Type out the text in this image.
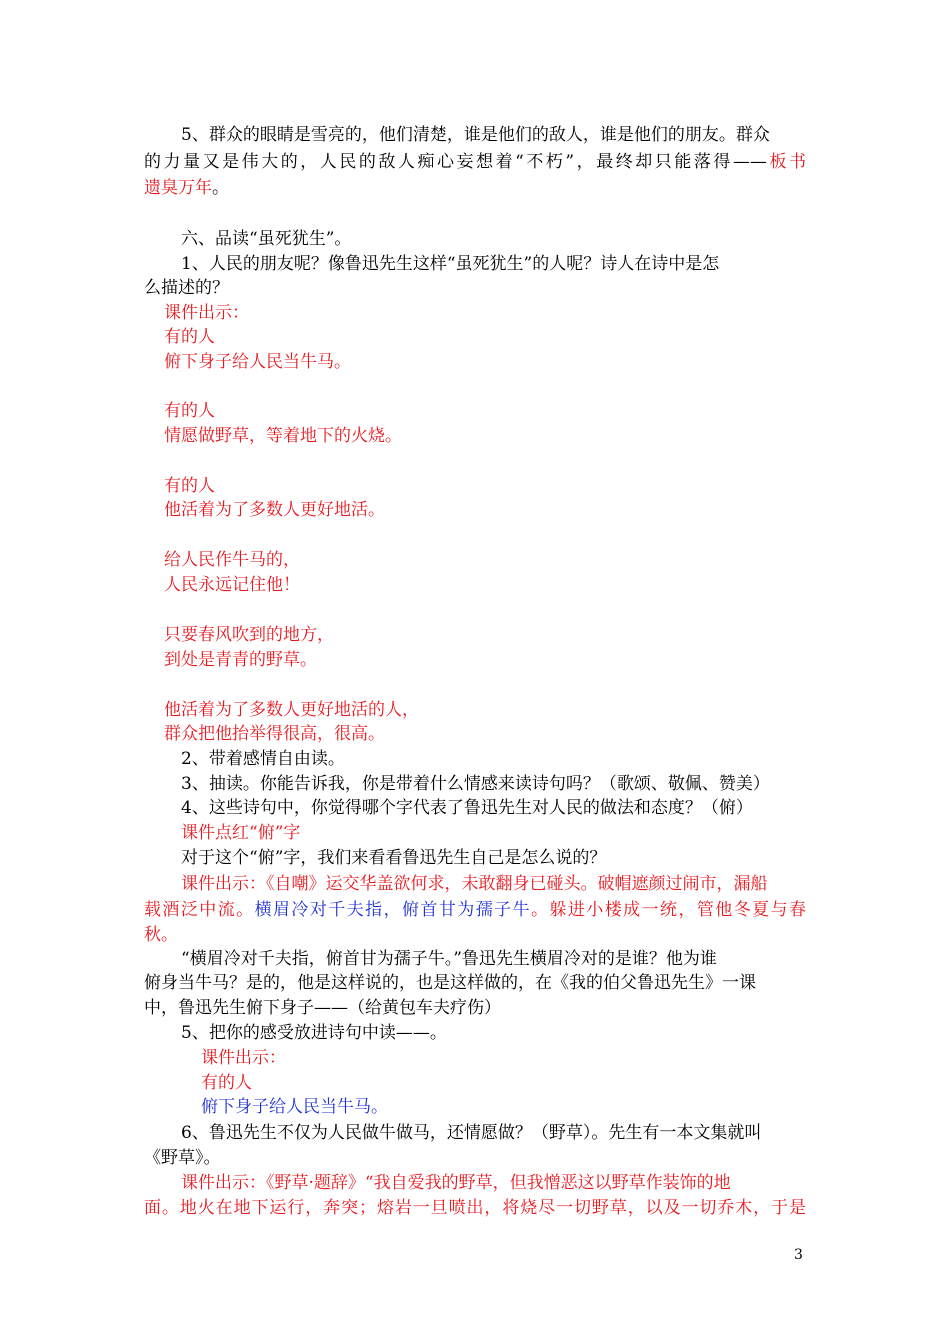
5、群众的眼睛是雪亮的，他们清楚，谁是他们的敌人，谁是他们的朋友。群众
的力量又是伟大的，人民的敌人痴心妄想着“不朽”，最终却只能落得——板书
遗臭万年。
六、品读“虽死犹生”。
1、人民的朋友呢？像鲁迅先生这样“虽死犹生”的人呢？诗人在诗中是怎
么描述的？
课件出示：
有的人
俯下身子给人民当牛马。
有的人
情愿做野草，等着地下的火烧。
有的人
他活着为了多数人更好地活。
给人民作牛马的，
人民永远记住他！
只要春风吹到的地方，
到处是青青的野草。
他活着为了多数人更好地活的人，
群众把他抬举得很高，很高。
2、带着感情自由读。
3、抽读。你能告诉我，你是带着什么情感来读诗句吗？（歌颂、敬佩、赞美）
4、这些诗句中，你觉得哪个字代表了鲁迅先生对人民的做法和态度？（俯）
课件点红“俯”字
对于这个“俯”字，我们来看看鲁迅先生自己是怎么说的？
课件出示：《自嘲》运交华盖欲何求，未敢翻身已碰头。破帽遮颜过闹市，漏船
载酒泛中流。横眉冷对千夫指，俯首甘为孺子牛。躲进小楼成一统，管他冬夏与春
秋。
“横眉冷对千夫指，俯首甘为孺子牛。”鲁迅先生横眉冷对的是谁？他为谁
俯身当牛马？是的，他是这样说的，也是这样做的，在《我的伯父鲁迅先生》一课
中，鲁迅先生俯下身子——（给黄包车夫疗伤）
5、把你的感受放进诗句中读——。
课件出示：
有的人
俯下身子给人民当牛马。
6、鲁迅先生不仅为人民做牛做马，还情愿做？（野草）。先生有一本文集就叫
《野草》。
课件出示：《野草·题辞》“我自爱我的野草，但我憎恶这以野草作装饰的地
面。地火在地下运行，奔突；熔岩一旦喷出，将烧尽一切野草，以及一切乔木，于是
3
